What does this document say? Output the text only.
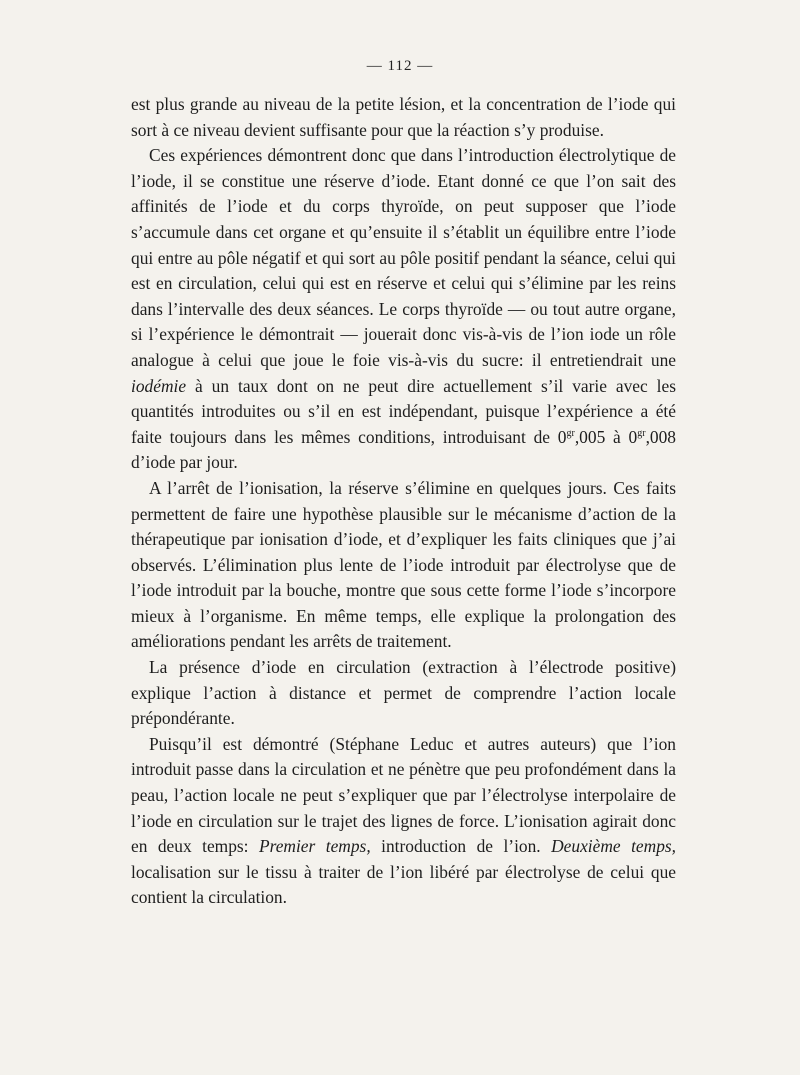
— 112 —

est plus grande au niveau de la petite lésion, et la concentration de l’iode qui sort à ce niveau devient suffisante pour que la réaction s’y produise.

Ces expériences démontrent donc que dans l’introduction électrolytique de l’iode, il se constitue une réserve d’iode. Etant donné ce que l’on sait des affinités de l’iode et du corps thyroïde, on peut supposer que l’iode s’accumule dans cet organe et qu’ensuite il s’établit un équilibre entre l’iode qui entre au pôle négatif et qui sort au pôle positif pendant la séance, celui qui est en circulation, celui qui est en réserve et celui qui s’élimine par les reins dans l’intervalle des deux séances. Le corps thyroïde — ou tout autre organe, si l’expérience le démontrait — jouerait donc vis-à-vis de l’ion iode un rôle analogue à celui que joue le foie vis-à-vis du sucre: il entretiendrait une iodémie à un taux dont on ne peut dire actuellement s’il varie avec les quantités introduites ou s’il en est indépendant, puisque l’expérience a été faite toujours dans les mêmes conditions, introduisant de $0^{gr},005$ à $0^{gr},008$ d’iode par jour.

A l’arrêt de l’ionisation, la réserve s’élimine en quelques jours. Ces faits permettent de faire une hypothèse plausible sur le mécanisme d’action de la thérapeutique par ionisation d’iode, et d’expliquer les faits cliniques que j’ai observés. L’élimination plus lente de l’iode introduit par électrolyse que de l’iode introduit par la bouche, montre que sous cette forme l’iode s’incorpore mieux à l’organisme. En même temps, elle explique la prolongation des améliorations pendant les arrêts de traitement.

La présence d’iode en circulation (extraction à l’électrode positive) explique l’action à distance et permet de comprendre l’action locale prépondérante.

Puisqu’il est démontré (Stéphane Leduc et autres auteurs) que l’ion introduit passe dans la circulation et ne pénètre que peu profondément dans la peau, l’action locale ne peut s’expliquer que par l’électrolyse interpolaire de l’iode en circulation sur le trajet des lignes de force. L’ionisation agirait donc en deux temps: Premier temps, introduction de l’ion. Deuxième temps, localisation sur le tissu à traiter de l’ion libéré par électrolyse de celui que contient la circulation.
